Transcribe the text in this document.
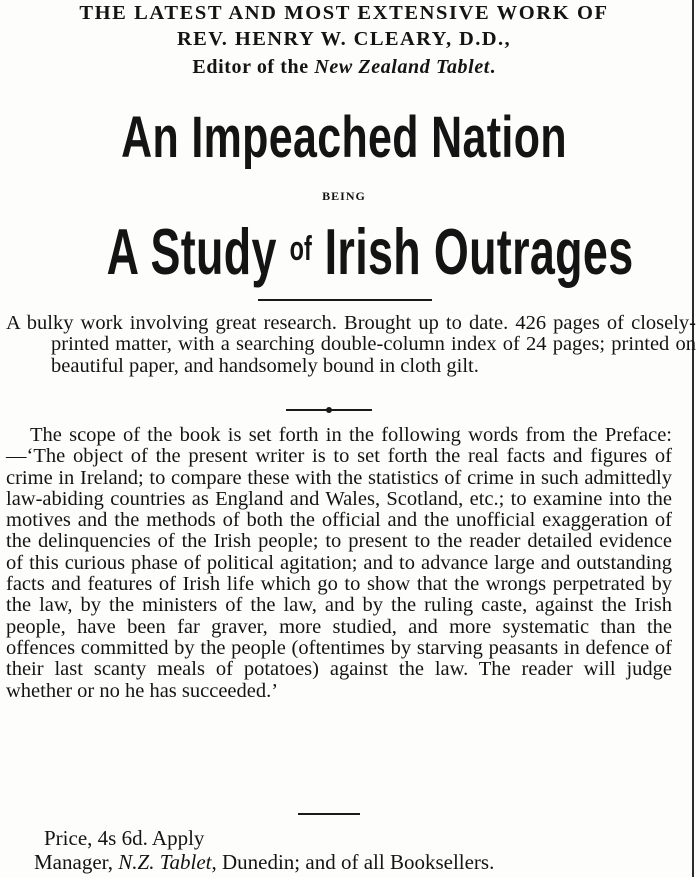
THE LATEST AND MOST EXTENSIVE WORK OF
REV. HENRY W. CLEARY, D.D.,
Editor of the New Zealand Tablet.
An Impeached Nation
BEING
A Study $^{of}$ Irish Outrages

A bulky work involving great research. Brought up to date. 426 pages of closely-printed matter, with a searching double-column index of 24 pages; printed on beautiful paper, and handsomely bound in cloth gilt.

The scope of the book is set forth in the following words from the Preface:—‘The object of the present writer is to set forth the real facts and figures of crime in Ireland; to compare these with the statistics of crime in such admittedly law-abiding countries as England and Wales, Scotland, etc.; to examine into the motives and the methods of both the official and the unofficial exaggeration of the delinquencies of the Irish people; to present to the reader detailed evidence of this curious phase of political agitation; and to advance large and outstanding facts and features of Irish life which go to show that the wrongs perpetrated by the law, by the ministers of the law, and by the ruling caste, against the Irish people, have been far graver, more studied, and more systematic than the offences committed by the people (oftentimes by starving peasants in defence of their last scanty meals of potatoes) against the law. The reader will judge whether or no he has succeeded.’

Price, 4s 6d. Apply
Manager, N.Z. Tablet, Dunedin; and of all Booksellers.
